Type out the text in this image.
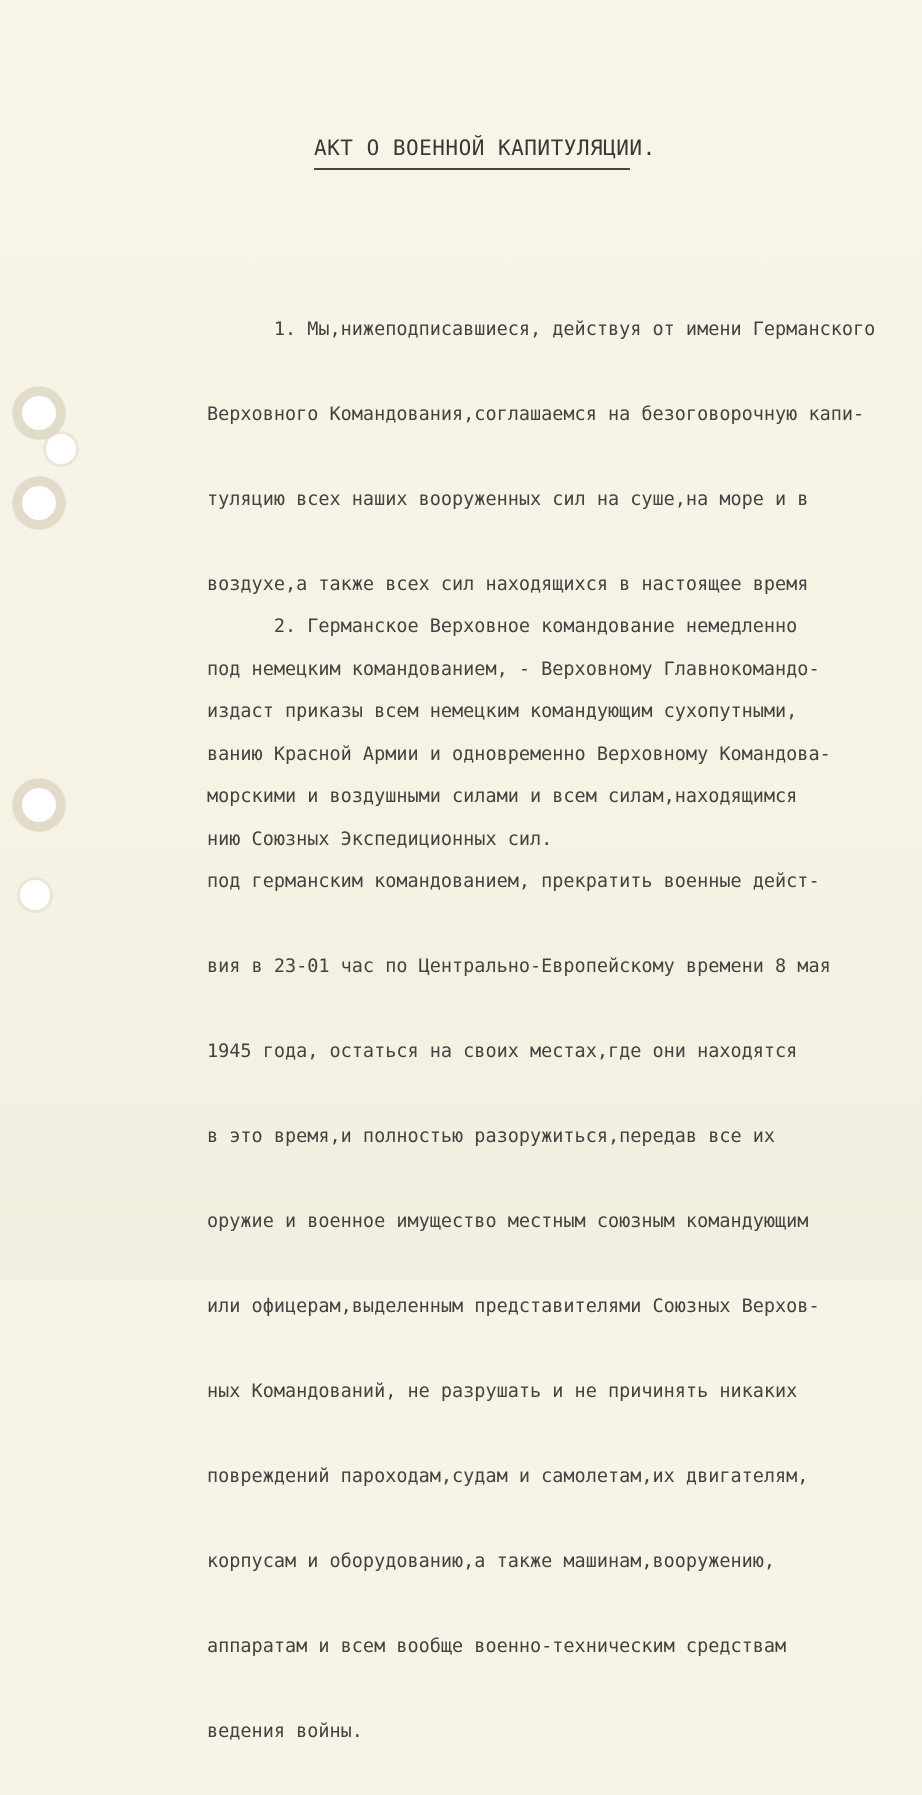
АКТ О ВОЕННОЙ КАПИТУЛЯЦИИ.

1. Мы,нижеподписавшиеся, действуя от имени Германского

Верховного Командования,соглашаемся на безоговорочную капи-

туляцию всех наших вооруженных сил на суше,на море и в

воздухе,а также всех сил находящихся в настоящее время

под немецким командованием, - Верховному Главнокомандо-

ванию Красной Армии и одновременно Верховному Командова-

нию Союзных Экспедиционных сил.

2. Германское Верховное командование немедленно

издаст приказы всем немецким командующим сухопутными,

морскими и воздушными силами и всем силам,находящимся

под германским командованием, прекратить военные дейст-

вия в 23-01 час по Центрально-Европейскому времени 8 мая

1945 года, остаться на своих местах,где они находятся

в это время,и полностью разоружиться,передав все их

оружие и военное имущество местным союзным командующим

или офицерам,выделенным представителями Союзных Верхов-

ных Командований, не разрушать и не причинять никаких

повреждений пароходам,судам и самолетам,их двигателям,

корпусам и оборудованию,а также машинам,вооружению,

аппаратам и всем вообще военно-техническим средствам

ведения войны.
